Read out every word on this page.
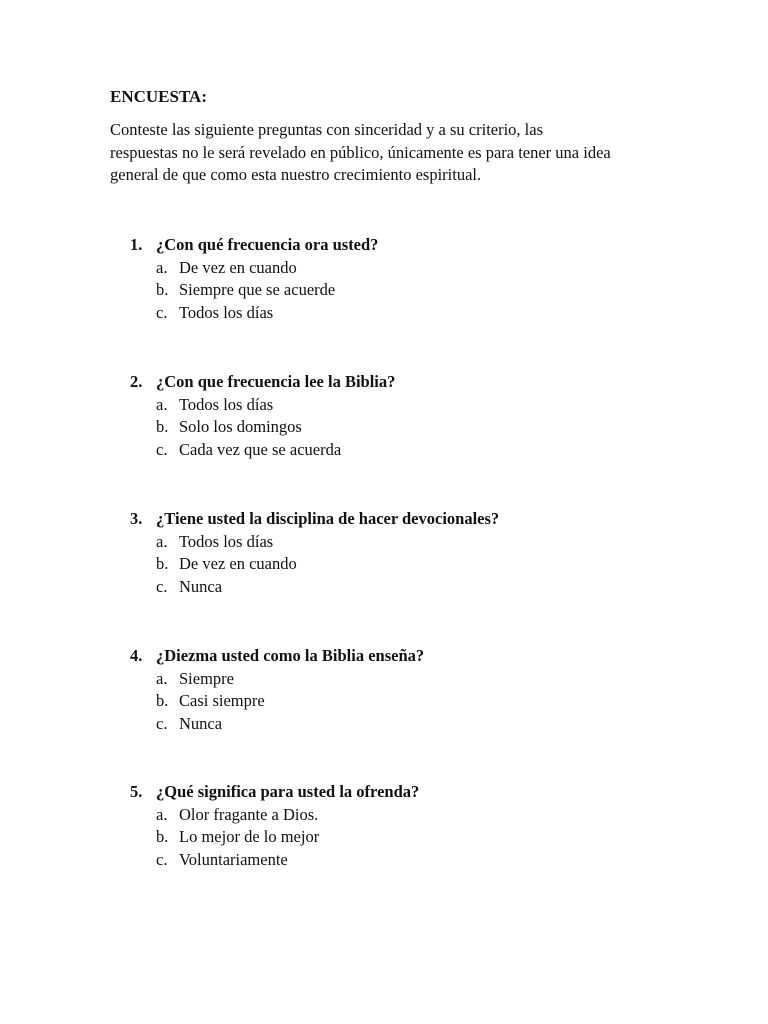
ENCUESTA:

Conteste las siguiente preguntas con sinceridad y a su criterio, las
respuestas no le será revelado en público, únicamente es para tener una idea
general de que como esta nuestro crecimiento espiritual.

1. ¿Con qué frecuencia ora usted?
a. De vez en cuando
b. Siempre que se acuerde
c. Todos los días
2. ¿Con que frecuencia lee la Biblia?
a. Todos los días
b. Solo los domingos
c. Cada vez que se acuerda
3. ¿Tiene usted la disciplina de hacer devocionales?
a. Todos los días
b. De vez en cuando
c. Nunca
4. ¿Diezma usted como la Biblia enseña?
a. Siempre
b. Casi siempre
c. Nunca
5. ¿Qué significa para usted la ofrenda?
a. Olor fragante a Dios.
b. Lo mejor de lo mejor
c. Voluntariamente
